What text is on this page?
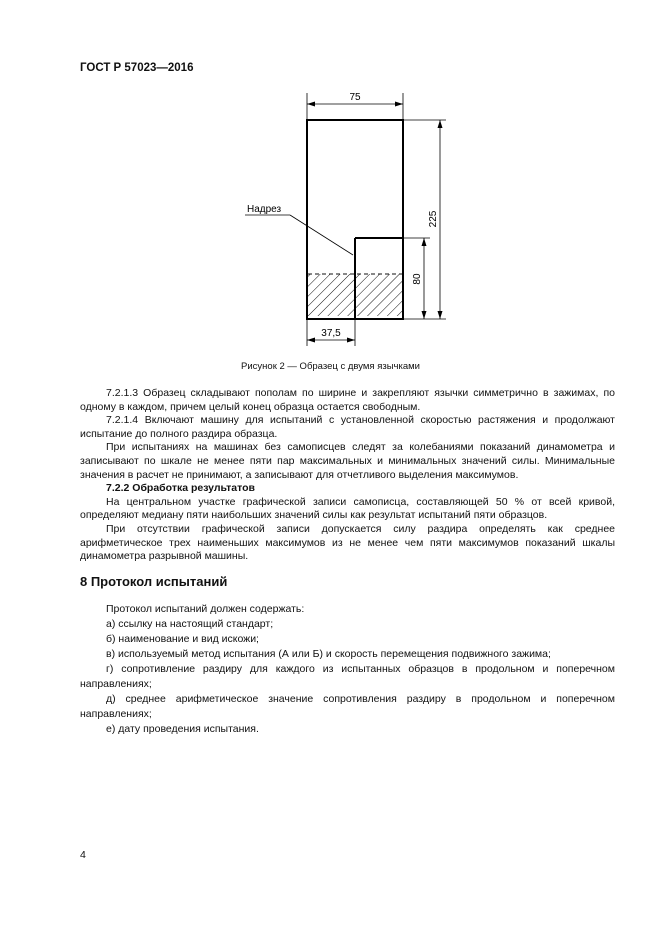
ГОСТ Р 57023—2016
75
225
80
37,5
Надрез
Рисунок 2 — Образец с двумя язычками

7.2.1.3 Образец складывают пополам по ширине и закрепляют язычки симметрично в зажимах, по одному в каждом, причем целый конец образца остается свободным.

7.2.1.4 Включают машину для испытаний с установленной скоростью растяжения и продолжают испытание до полного раздира образца.

При испытаниях на машинах без самописцев следят за колебаниями показаний динамометра и записывают по шкале не менее пяти пар максимальных и минимальных значений силы. Минимальные значения в расчет не принимают, а записывают для отчетливого выделения максимумов.

7.2.2 Обработка результатов

На центральном участке графической записи самописца, составляющей 50 % от всей кривой, определяют медиану пяти наибольших значений силы как результат испытаний пяти образцов.

При отсутствии графической записи допускается силу раздира определять как среднее арифметическое трех наименьших максимумов из не менее чем пяти максимумов показаний шкалы динамометра разрывной машины.

8 Протокол испытаний

Протокол испытаний должен содержать:

а) ссылку на настоящий стандарт;

б) наименование и вид искожи;

в) используемый метод испытания (А или Б) и скорость перемещения подвижного зажима;

г) сопротивление раздиру для каждого из испытанных образцов в продольном и поперечном направлениях;

д) среднее арифметическое значение сопротивления раздиру в продольном и поперечном направлениях;

е) дату проведения испытания.

4
